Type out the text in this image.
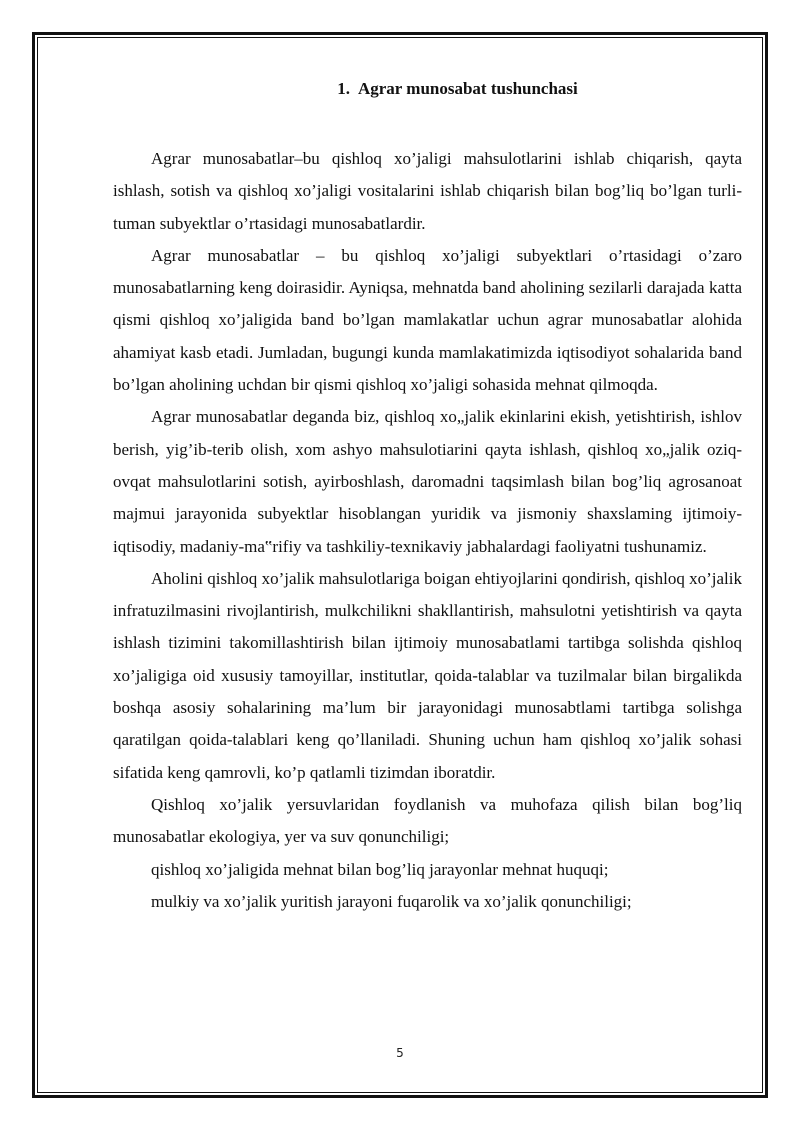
1. Agrar munosabat tushunchasi

Agrar munosabatlar–bu qishloq xo’jaligi mahsulotlarini ishlab chiqarish, qayta ishlash, sotish va qishloq xo’jaligi vositalarini ishlab chiqarish bilan bog’liq bo’lgan turli-tuman subyektlar o’rtasidagi munosabatlardir.

Agrar munosabatlar – bu qishloq xo’jaligi subyektlari o’rtasidagi o’zaro munosabatlarning keng doirasidir. Ayniqsa, mehnatda band aholining sezilarli darajada katta qismi qishloq xo’jaligida band bo’lgan mamlakatlar uchun agrar munosabatlar alohida ahamiyat kasb etadi. Jumladan, bugungi kunda mamlakatimizda iqtisodiyot sohalarida band bo’lgan aholining uchdan bir qismi qishloq xo’jaligi sohasida mehnat qilmoqda.

Agrar munosabatlar deganda biz, qishloq xo„jalik ekinlarini ekish, yetishtirish, ishlov berish, yig’ib-terib olish, xom ashyo mahsulotiarini qayta ishlash, qishloq xo„jalik oziq-ovqat mahsulotlarini sotish, ayirboshlash, daromadni taqsimlash bilan bog’liq agrosanoat majmui jarayonida subyektlar hisoblangan yuridik va jismoniy shaxslaming ijtimoiy-iqtisodiy, madaniy-ma‟rifiy va tashkiliy-texnikaviy jabhalardagi faoliyatni tushunamiz.

Aholini qishloq xo’jalik mahsulotlariga boigan ehtiyojlarini qondirish, qishloq xo’jalik infratuzilmasini rivojlantirish, mulkchilikni shakllantirish, mahsulotni yetishtirish va qayta ishlash tizimini takomillashtirish bilan ijtimoiy munosabatlami tartibga solishda qishloq xo’jaligiga oid xususiy tamoyillar, institutlar, qoida-talablar va tuzilmalar bilan birgalikda boshqa asosiy sohalarining ma’lum bir jarayonidagi munosabtlami tartibga solishga qaratilgan qoida-talablari keng qo’llaniladi. Shuning uchun ham qishloq xo’jalik sohasi sifatida keng qamrovli, ko’p qatlamli tizimdan iboratdir.

Qishloq xo’jalik yersuvlaridan foydlanish va muhofaza qilish bilan bog’liq munosabatlar ekologiya, yer va suv qonunchiligi;

qishloq xo’jaligida mehnat bilan bog’liq jarayonlar mehnat huquqi;

mulkiy va xo’jalik yuritish jarayoni fuqarolik va xo’jalik qonunchiligi;

5
